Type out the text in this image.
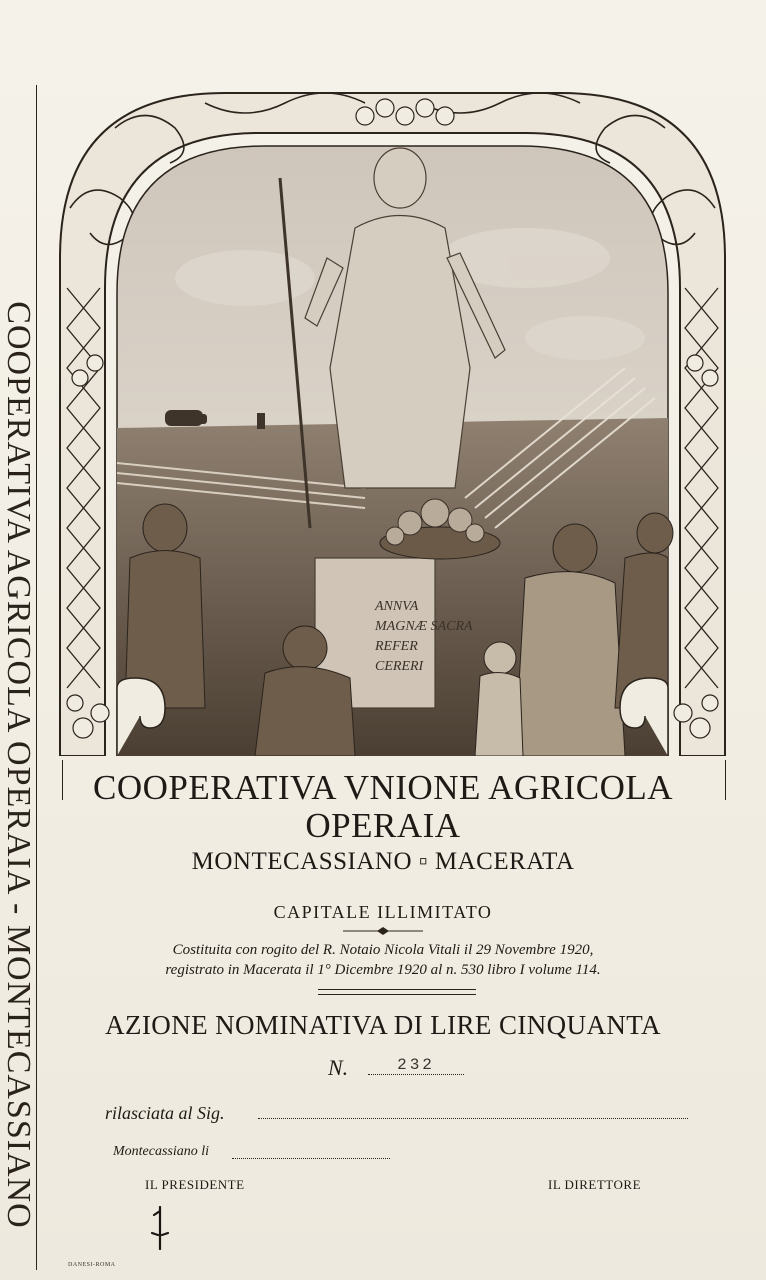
COOPERATIVA AGRICOLA OPERAIA - MONTECASSIANO	ANNVA
MAGNÆ SACRA
REFER
CERERI
COOPERATIVA VNIONE AGRICOLA
OPERAIA
MONTECASSIANO ▫ MACERATA
CAPITALE ILLIMITATO
Costituita con rogito del R. Notaio Nicola Vitali il 29 Novembre 1920,
registrato in Macerata il 1° Dicembre 1920 al n. 530 libro I volume 114.
AZIONE NOMINATIVA DI LIRE CINQUANTA
N.	232
rilasciata al Sig.
Montecassiano li
IL PRESIDENTE	IL DIRETTORE
DANESI-ROMA
